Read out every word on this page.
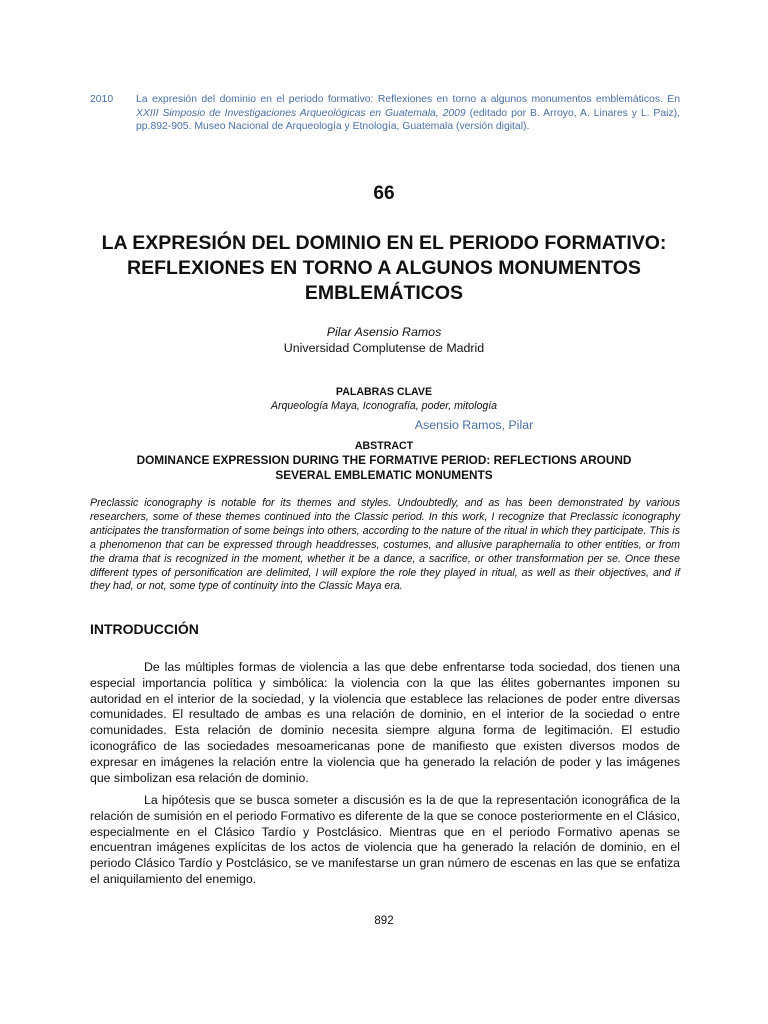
Asensio Ramos, Pilar
2010	La expresión del dominio en el periodo formativo: Reflexiones en torno a algunos monumentos emblemáticos. En XXIII Simposio de Investigaciones Arqueológicas en Guatemala, 2009 (editado por B. Arroyo, A. Linares y L. Paiz), pp.892-905. Museo Nacional de Arqueología y Etnología, Guatemala (versión digital).
66
LA EXPRESIÓN DEL DOMINIO EN EL PERIODO FORMATIVO:
REFLEXIONES EN TORNO A ALGUNOS MONUMENTOS
EMBLEMÁTICOS
Pilar Asensio Ramos
Universidad Complutense de Madrid
PALABRAS CLAVE
Arqueología Maya, Iconografía, poder, mitología
ABSTRACT
DOMINANCE EXPRESSION DURING THE FORMATIVE PERIOD: REFLECTIONS AROUND
SEVERAL EMBLEMATIC MONUMENTS

Preclassic iconography is notable for its themes and styles. Undoubtedly, and as has been demonstrated by various researchers, some of these themes continued into the Classic period. In this work, I recognize that Preclassic iconography anticipates the transformation of some beings into others, according to the nature of the ritual in which they participate. This is a phenomenon that can be expressed through headdresses, costumes, and allusive paraphernalia to other entities, or from the drama that is recognized in the moment, whether it be a dance, a sacrifice, or other transformation per se. Once these different types of personification are delimited, I will explore the role they played in ritual, as well as their objectives, and if they had, or not, some type of continuity into the Classic Maya era.

INTRODUCCIÓN

De las múltiples formas de violencia a las que debe enfrentarse toda sociedad, dos tienen una especial importancia política y simbólica: la violencia con la que las élites gobernantes imponen su autoridad en el interior de la sociedad, y la violencia que establece las relaciones de poder entre diversas comunidades. El resultado de ambas es una relación de dominio, en el interior de la sociedad o entre comunidades. Esta relación de dominio necesita siempre alguna forma de legitimación. El estudio iconográfico de las sociedades mesoamericanas pone de manifiesto que existen diversos modos de expresar en imágenes la relación entre la violencia que ha generado la relación de poder y las imágenes que simbolizan esa relación de dominio.

La hipótesis que se busca someter a discusión es la de que la representación iconográfica de la relación de sumisión en el periodo Formativo es diferente de la que se conoce posteriormente en el Clásico, especialmente en el Clásico Tardío y Postclásico. Mientras que en el periodo Formativo apenas se encuentran imágenes explícitas de los actos de violencia que ha generado la relación de dominio, en el periodo Clásico Tardío y Postclásico, se ve manifestarse un gran número de escenas en las que se enfatiza el aniquilamiento del enemigo.

892
